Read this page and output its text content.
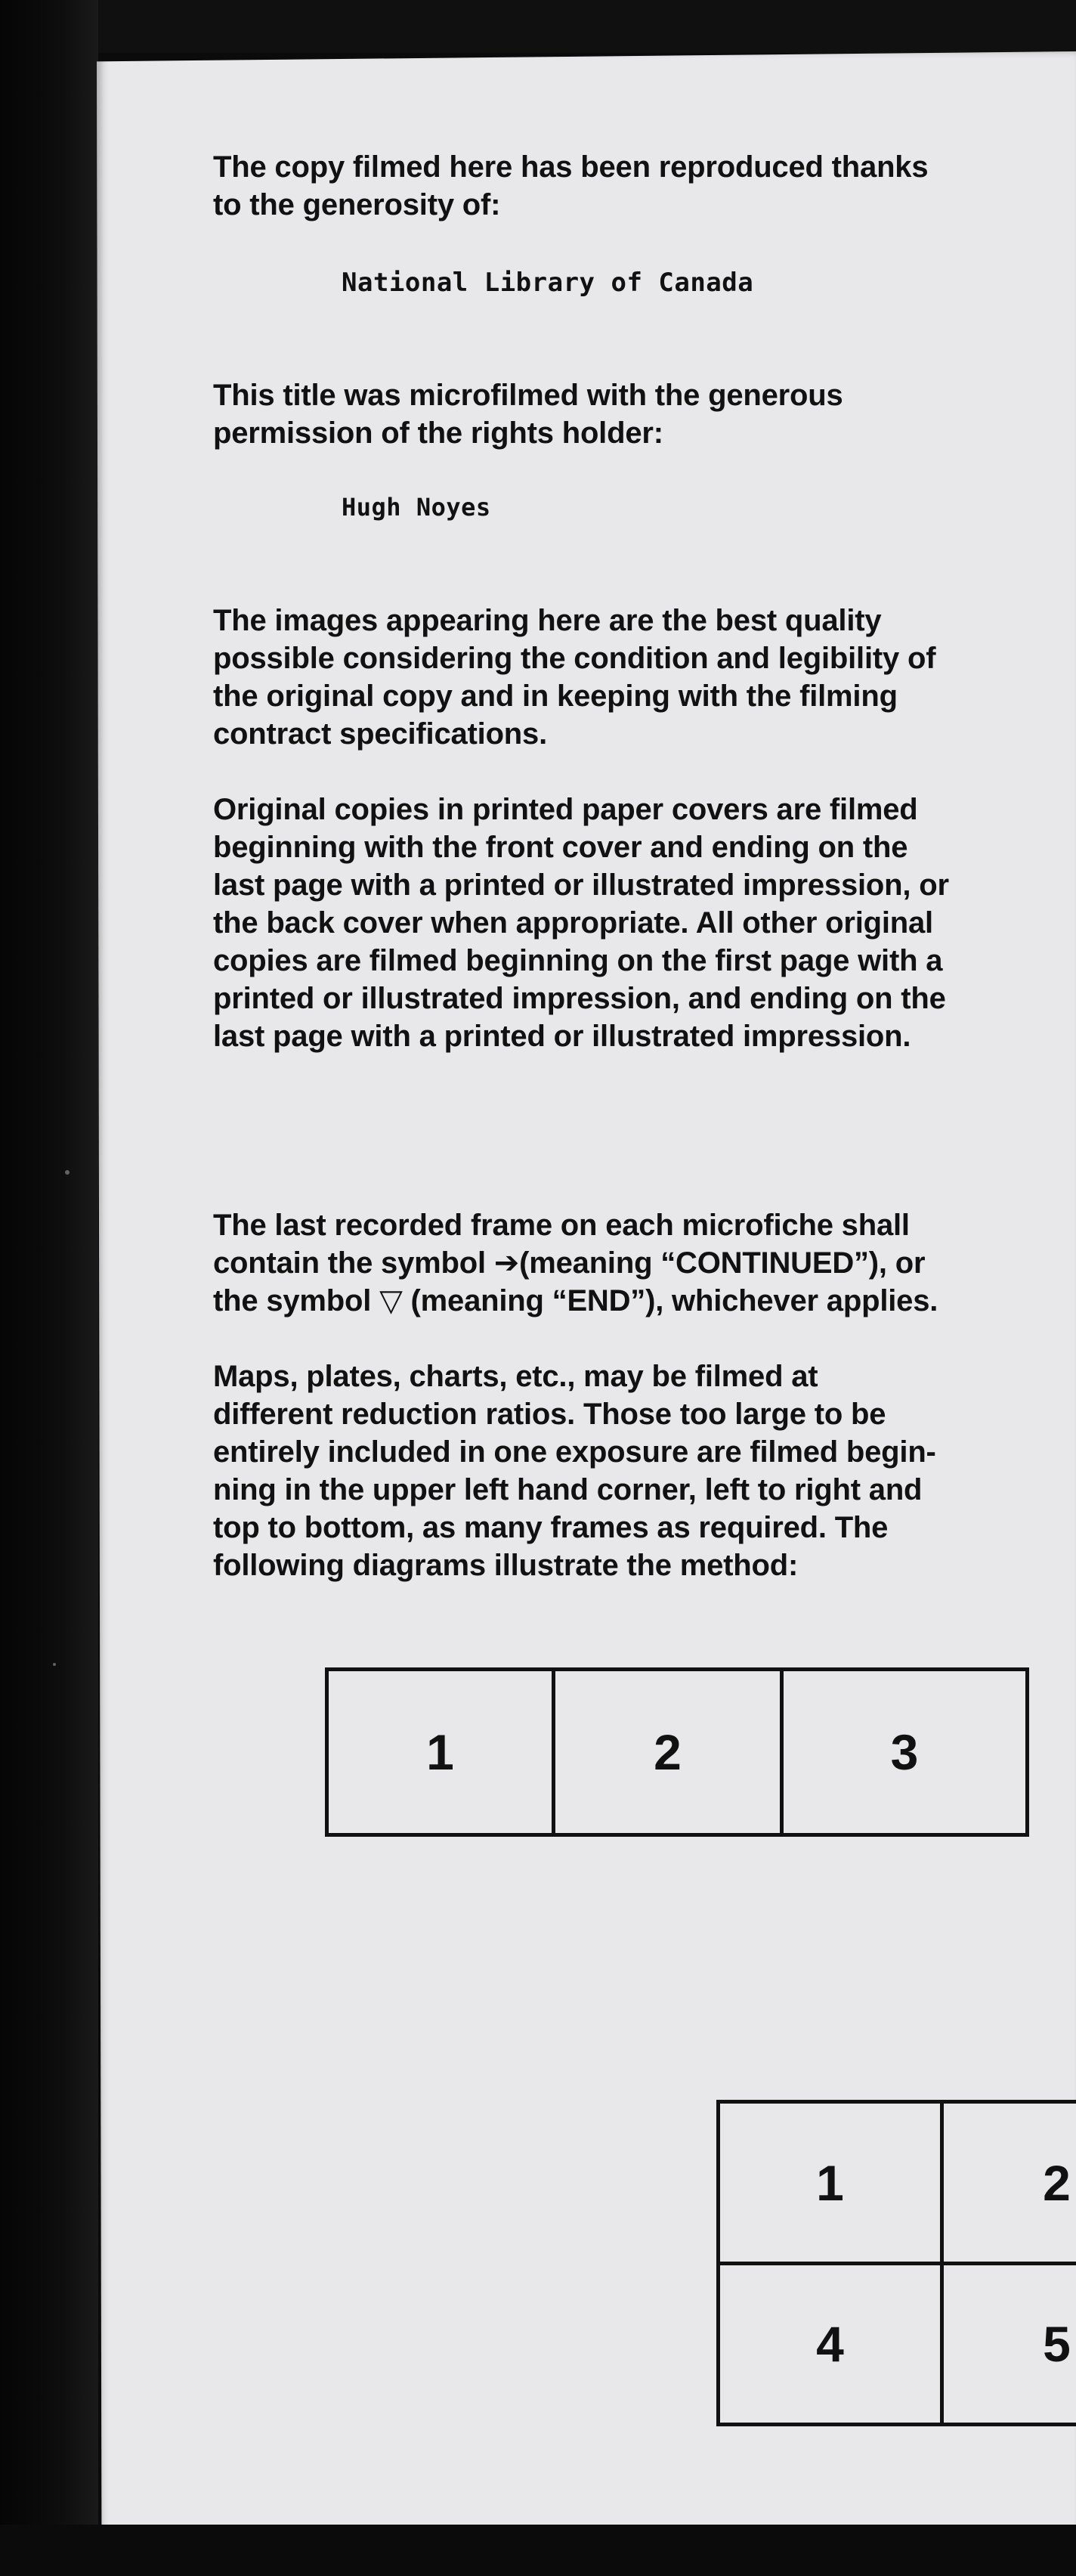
The copy filmed here has been reproduced thanks
to the generosity of:

National Library of Canada

This title was microfilmed with the generous
permission of the rights holder:

Hugh Noyes

The images appearing here are the best quality
possible considering the condition and legibility of
the original copy and in keeping with the filming
contract specifications.

Original copies in printed paper covers are filmed
beginning with the front cover and ending on the
last page with a printed or illustrated impression, or
the back cover when appropriate. All other original
copies are filmed beginning on the first page with a
printed or illustrated impression, and ending on the
last page with a printed or illustrated impression.

The last recorded frame on each microfiche shall
contain the symbol ➔(meaning “CONTINUED”), or
the symbol ▽ (meaning “END”), whichever applies.

Maps, plates, charts, etc., may be filmed at
different reduction ratios. Those too large to be
entirely included in one exposure are filmed begin-
ning in the upper left hand corner, left to right and
top to bottom, as many frames as required. The
following diagrams illustrate the method:

1	2	3
1	2
4	5
